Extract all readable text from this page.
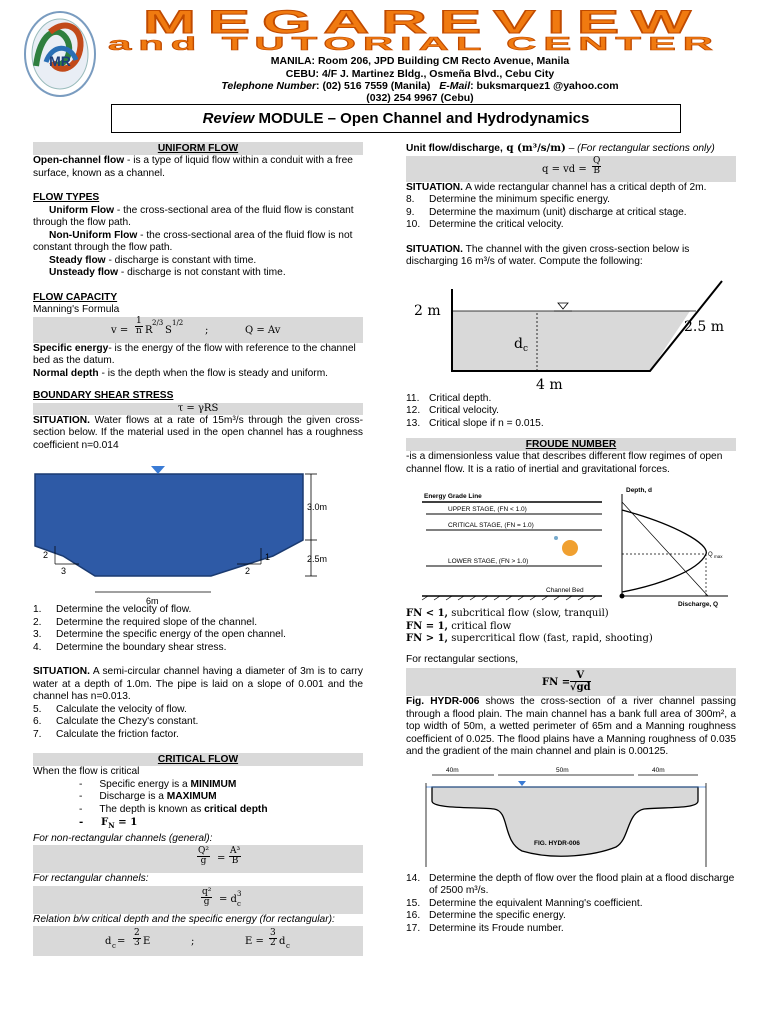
MR
MEGAREVIEW
and TUTORIAL CENTER
MANILA: Room 206, JPD Building CM Recto Avenue, Manila
CEBU: 4/F J. Martinez Bldg., Osmeña Blvd., Cebu City
Telephone Number: (02) 516 7559 (Manila) E-Mail: buksmarquez1 @yahoo.com
(032) 254 9967 (Cebu)
Review MODULE – Open Channel and Hydrodynamics
UNIFORM FLOW

Open-channel flow - is a type of liquid flow within a conduit with a free surface, known as a channel.

FLOW TYPES

Uniform Flow - the cross-sectional area of the fluid flow is constant through the flow path.

Non-Uniform Flow - the cross-sectional area of the fluid flow is not constant through the flow path.

Steady flow - discharge is constant with time.

Unsteady flow - discharge is not constant with time.

FLOW CAPACITY

Manning's Formula

$v = \frac{1}{n}$ R
2/3
S
1/2
;	Q = Av

Specific energy- is the energy of the flow with reference to the channel bed as the datum.

Normal depth - is the depth when the flow is steady and uniform.

BOUNDARY SHEAR STRESS

τ = γRS

SITUATION. Water flows at a rate of 15m³/s through the given cross-section below. If the material used in the open channel has a roughness coefficient n=0.014

3.0m
2.5m
6m
2
3
1
2
1. Determine the velocity of flow.
2. Determine the required slope of the channel.
3. Determine the specific energy of the open channel.
4. Determine the boundary shear stress.

SITUATION. A semi-circular channel having a diameter of 3m is to carry water at a depth of 1.0m. The pipe is laid on a slope of 0.001 and the channel has n=0.013.

5. Calculate the velocity of flow.
6. Calculate the Chezy's constant.
7. Calculate the friction factor.
CRITICAL FLOW

When the flow is critical

-      Specific energy is a MINIMUM

-      Discharge is a MAXIMUM

-      The depth is known as critical depth

-     $F_N = 1$

For non-rectangular channels (general):

$\frac{\text{Q²}}{g} = \frac{\text{A³}}{B}$

For rectangular channels:

$\frac{\text{q²}}{g} = d$ c
3

Relation b/w critical depth and the specific energy (for rectangular):

d $c = \frac{2}{3}$ E	;	$E = \frac{3}{2}$ d c

Unit flow/discharge, q (m³/s/m) – (For rectangular sections only)

q = vd = $\frac{Q}{B}$

SITUATION. A wide rectangular channel has a critical depth of 2m.

8. Determine the minimum specific energy.
9. Determine the maximum (unit) discharge at critical stage.
10. Determine the critical velocity.

SITUATION. The channel with the given cross-section below is discharging 16 m³/s of water. Compute the following:

2 m
d c
2.5 m
4 m
11. Critical depth.
12. Critical velocity.
13. Critical slope if n = 0.015.
FROUDE NUMBER

-is a dimensionless value that describes different flow regimes of open channel flow. It is a ratio of inertial and gravitational forces.

Energy Grade Line
UPPER STAGE, (FN < 1.0)
CRITICAL STAGE, (FN = 1.0)
LOWER STAGE, (FN > 1.0)
Channel Bed
Depth, d
Q max
Discharge, Q

FN < 1, subcritical flow (slow, tranquil)

FN = 1, critical flow

FN > 1, supercritical flow (fast, rapid, shooting)

For rectangular sections,

FN = $\frac{V}{√gd}$

Fig. HYDR-006 shows the cross-section of a river channel passing through a flood plain. The main channel has a bank full area of 300m², a top width of 50m, a wetted perimeter of 65m and a Manning roughness coefficient of 0.025. The flood plains have a Manning roughness of 0.035 and the gradient of the main channel and plain is 0.00125.

40m	50m	40m
FIG. HYDR-006
14. Determine the depth of flow over the flood plain at a flood discharge of 2500 m³/s.
15. Determine the equivalent Manning's coefficient.
16. Determine the specific energy.
17. Determine its Froude number.
